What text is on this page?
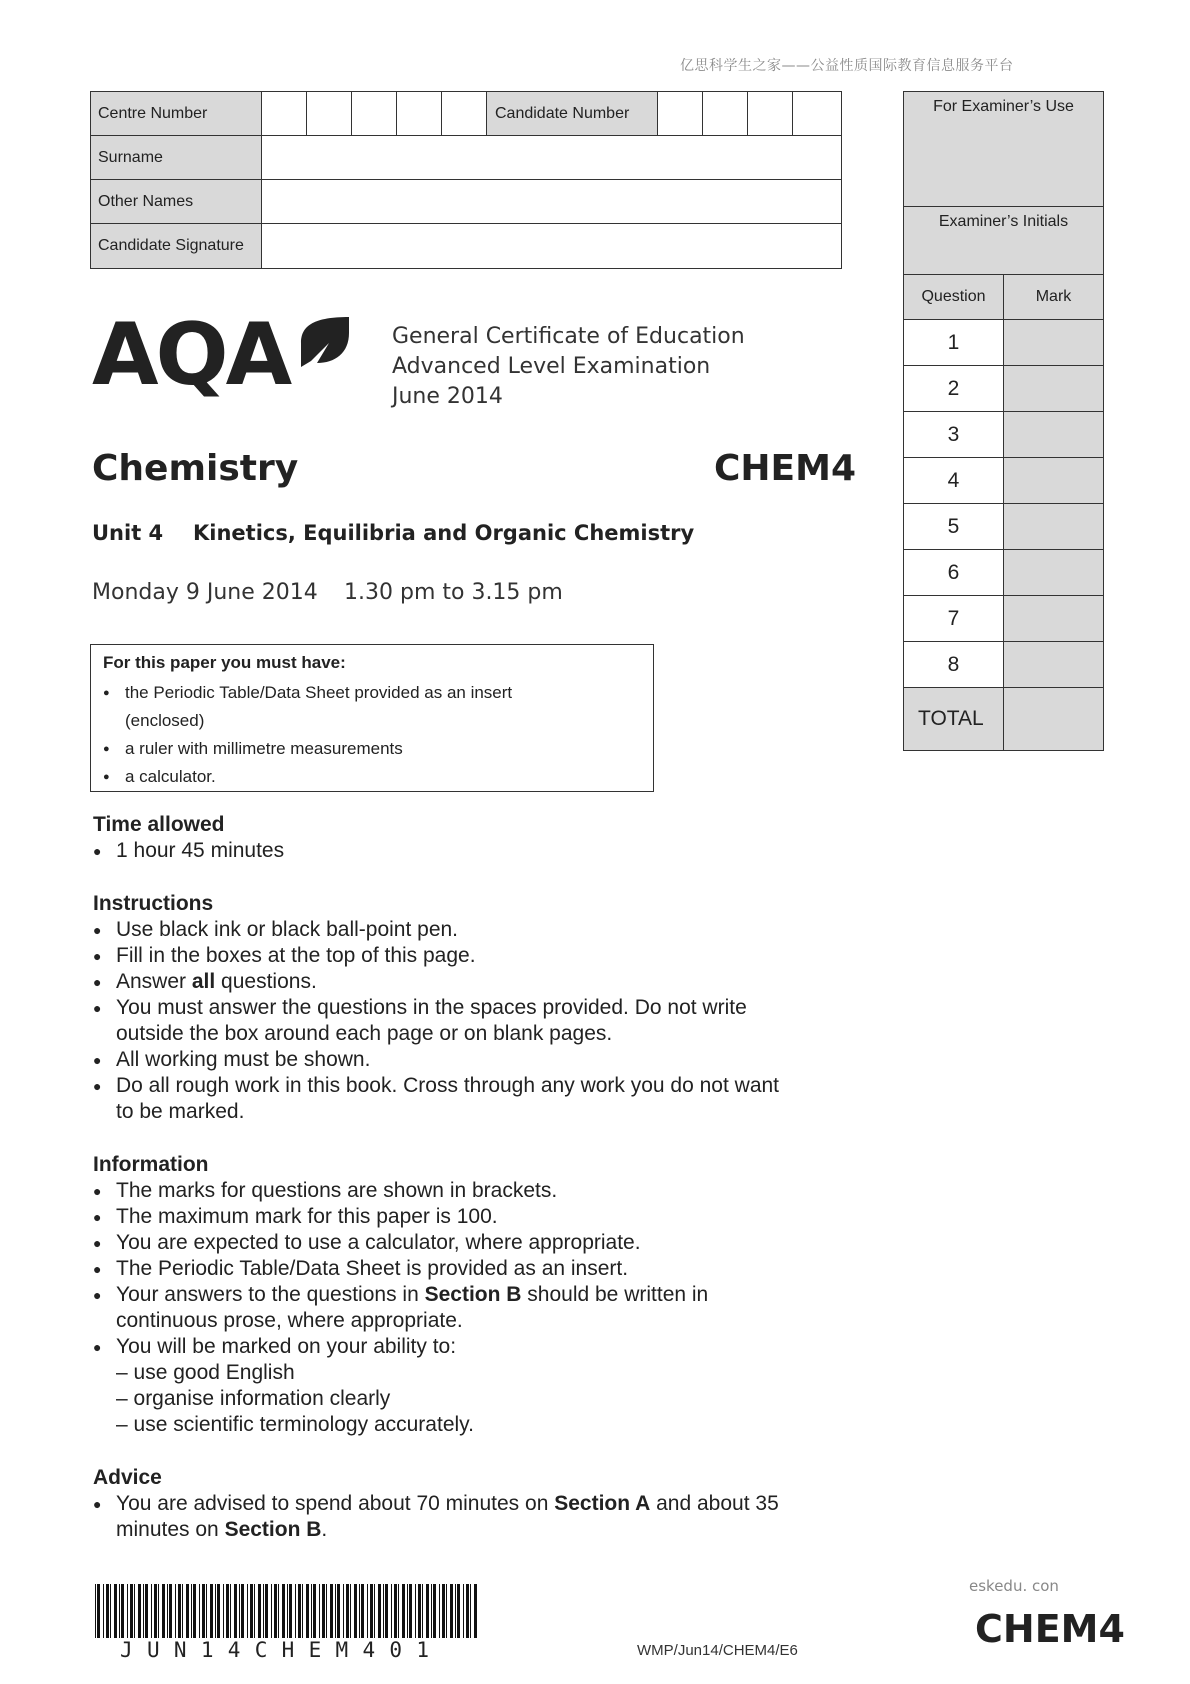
亿思科学生之家——公益性质国际教育信息服务平台
Centre Number	Candidate Number
Surname
Other Names
Candidate Signature
For Examiner’s Use
Examiner’s Initials
Question	Mark
1
2
3
4
5
6
7
8
TOTAL
AQA	General Certificate of Education
Advanced Level Examination
June 2014
Chemistry	CHEM4
Unit 4 Kinetics, Equilibria and Organic Chemistry
Monday 9 June 2014 1.30 pm to 3.15 pm
For this paper you must have:
● the Periodic Table/Data Sheet provided as an insert (enclosed)
● a ruler with millimetre measurements
● a calculator.
Time allowed
● 1 hour 45 minutes
Instructions
● Use black ink or black ball-point pen.
● Fill in the boxes at the top of this page.
● Answer all questions.
● You must answer the questions in the spaces provided. Do not write outside the box around each page or on blank pages.
● All working must be shown.
● Do all rough work in this book. Cross through any work you do not want to be marked.
Information
● The marks for questions are shown in brackets.
● The maximum mark for this paper is 100.
● You are expected to use a calculator, where appropriate.
● The Periodic Table/Data Sheet is provided as an insert.
● Your answers to the questions in Section B should be written in continuous prose, where appropriate.
● You will be marked on your ability to:
– use good English
– organise information clearly
– use scientific terminology accurately.
Advice
● You are advised to spend about 70 minutes on Section A and about 35 minutes on Section B.
JUN14CHEM401	WMP/Jun14/CHEM4/E6
eskedu. con
CHEM4
